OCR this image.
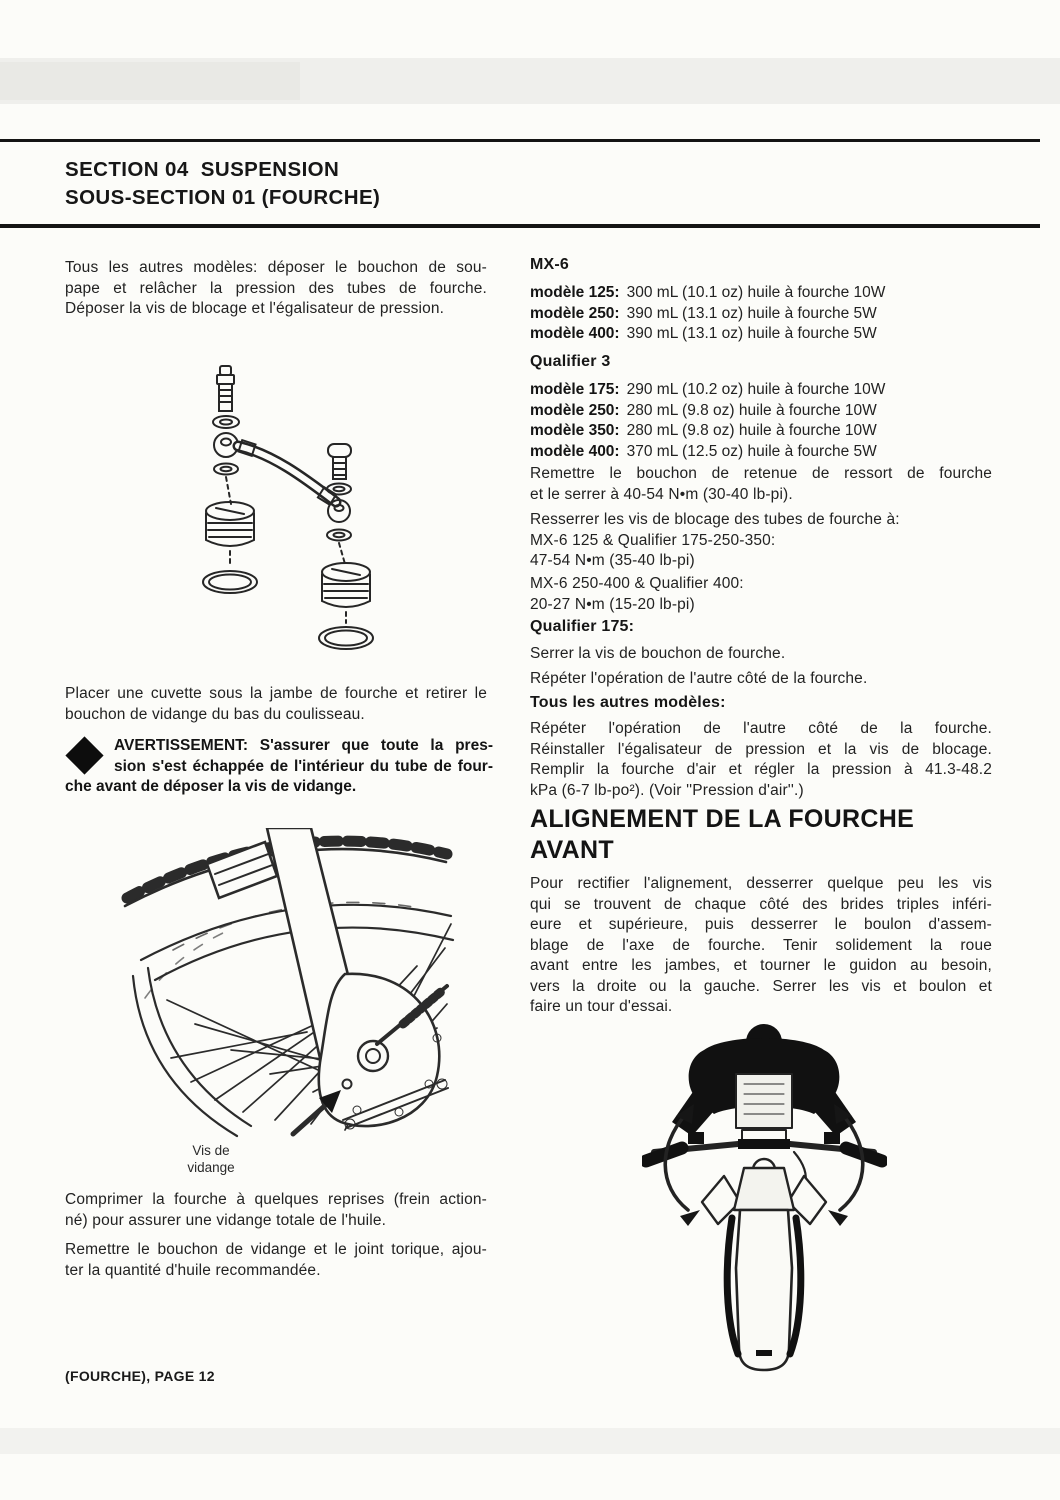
SECTION 04  SUSPENSION
SOUS-SECTION 01 (FOURCHE)
Tous les autres modèles: déposer le bouchon de sou-
pape et relâcher la pression des tubes de fourche.
Déposer la vis de blocage et l'égalisateur de pression.
Placer une cuvette sous la jambe de fourche et retirer le
bouchon de vidange du bas du coulisseau.
AVERTISSEMENT: S'assurer que toute la pres-
sion s'est échappée de l'intérieur du tube de four-
che avant de déposer la vis de vidange.
Vis de
vidange
Comprimer la fourche à quelques reprises (frein action-
né) pour assurer une vidange totale de l'huile.
Remettre le bouchon de vidange et le joint torique, ajou-
ter la quantité d'huile recommandée.
MX-6
modèle 125: 300 mL (10.1 oz) huile à fourche 10W
modèle 250: 390 mL (13.1 oz) huile à fourche 5W
modèle 400: 390 mL (13.1 oz) huile à fourche 5W
Qualifier 3
modèle 175: 290 mL (10.2 oz) huile à fourche 10W
modèle 250: 280 mL (9.8 oz) huile à fourche 10W
modèle 350: 280 mL (9.8 oz) huile à fourche 10W
modèle 400: 370 mL (12.5 oz) huile à fourche 5W
Remettre le bouchon de retenue de ressort de fourche
et le serrer à 40-54 N•m (30-40 lb-pi).
Resserrer les vis de blocage des tubes de fourche à:
MX-6 125 & Qualifier 175-250-350:
47-54 N•m (35-40 lb-pi)
MX-6 250-400 & Qualifier 400:
20-27 N•m (15-20 lb-pi)
Qualifier 175:
Serrer la vis de bouchon de fourche.
Répéter l'opération de l'autre côté de la fourche.
Tous les autres modèles:
Répéter l'opération de l'autre côté de la fourche.
Réinstaller l'égalisateur de pression et la vis de blocage.
Remplir la fourche d'air et régler la pression à 41.3-48.2
kPa (6-7 lb-po²). (Voir ''Pression d'air''.)
ALIGNEMENT DE LA FOURCHE
AVANT
Pour rectifier l'alignement, desserrer quelque peu les vis
qui se trouvent de chaque côté des brides triples inféri-
eure et supérieure, puis desserrer le boulon d'assem-
blage de l'axe de fourche. Tenir solidement la roue
avant entre les jambes, et tourner le guidon au besoin,
vers la droite ou la gauche. Serrer les vis et boulon et
faire un tour d'essai.
(FOURCHE), PAGE 12
